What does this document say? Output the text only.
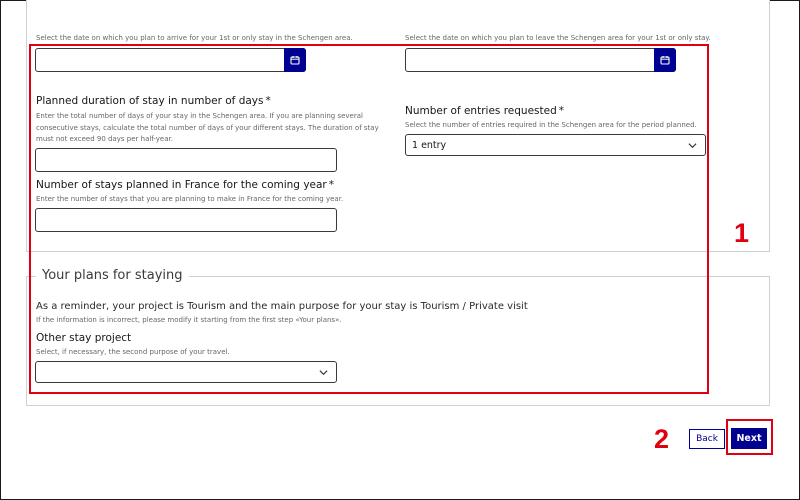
Select the date on which you plan to arrive for your 1st or only stay in the Schengen area.	Select the date on which you plan to leave the Schengen area for your 1st or only stay.
Planned duration of stay in number of days *
Enter the total number of days of your stay in the Schengen area. If you are planning several consecutive stays, calculate the total number of days of your different stays. The duration of stay must not exceed 90 days per half-year.
Number of entries requested *
Select the number of entries required in the Schengen area for the period planned.
1 entry
Number of stays planned in France for the coming year *
Enter the number of stays that you are planning to make in France for the coming year.
Your plans for staying
As a reminder, your project is Tourism and the main purpose for your stay is Tourism / Private visit
If the information is incorrect, please modify it starting from the first step «Your plans».
Other stay project
Select, if necessary, the second purpose of your travel.
1
2	Back	Next
